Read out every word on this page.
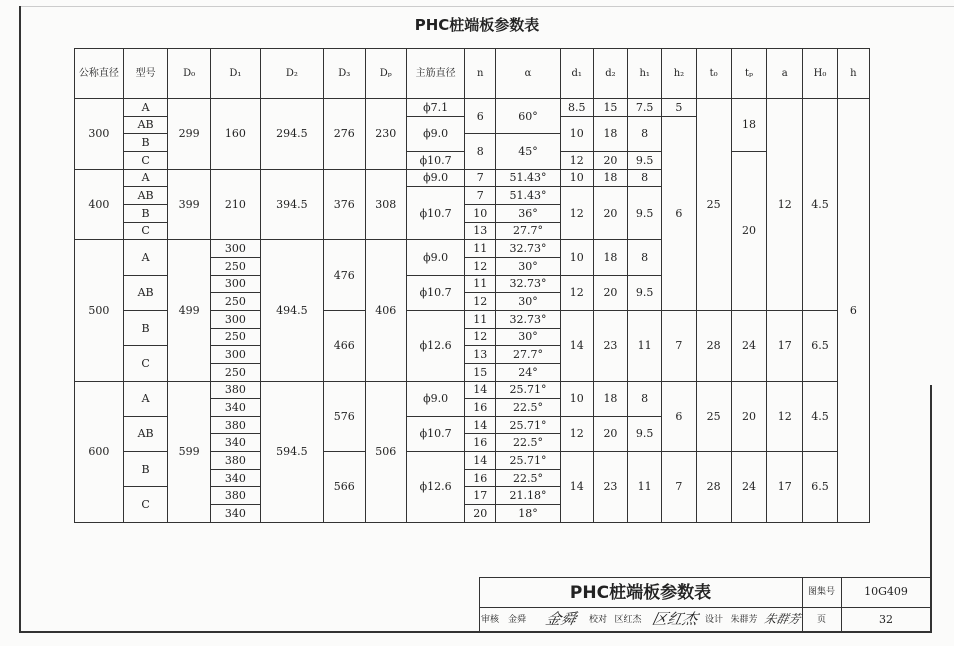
PHC桩端板参数表
公称直径	型号	D₀	D₁	D₂	D₃	Dₚ	主筋直径	n	α	d₁	d₂	h₁	h₂	t₀	tₚ	a	H₀	h
300	A	299	160	294.5	276	230	ϕ7.1	6	60°	8.5	15	7.5	5	25	18	12	4.5	6
	AB						ϕ9.0			10	18	8	6					
	B							8	45°									
	C						ϕ10.7			12	20	9.5			20			
400	A	399	210	394.5	376	308	ϕ9.0	7	51.43°	10	18	8						
	AB						ϕ10.7	7	51.43°	12	20	9.5						
	B							10	36°									
	C							13	27.7°									
500	A	499	300	494.5	476	406	ϕ9.0	11	32.73°	10	18	8						
			250					12	30°									
	AB		300				ϕ10.7	11	32.73°	12	20	9.5						
			250					12	30°									
	B		300		466		ϕ12.6	11	32.73°	14	23	11	7	28	24	17	6.5	
			250					12	30°									
	C		300					13	27.7°									
			250					15	24°									
600	A	599	380	594.5	576	506	ϕ9.0	14	25.71°	10	18	8	6	25	20	12	4.5	
			340					16	22.5°									
	AB		380				ϕ10.7	14	25.71°	12	20	9.5						
			340					16	22.5°									
	B		380		566		ϕ12.6	14	25.71°	14	23	11	7	28	24	17	6.5	
			340					16	22.5°									
	C		380					17	21.18°									
			340					20	18°									
PHC桩端板参数表	图集号	10G409
审核 金舜	金舜	校对 区红杰 区红杰 设计 朱群芳 朱群芳	页	32
